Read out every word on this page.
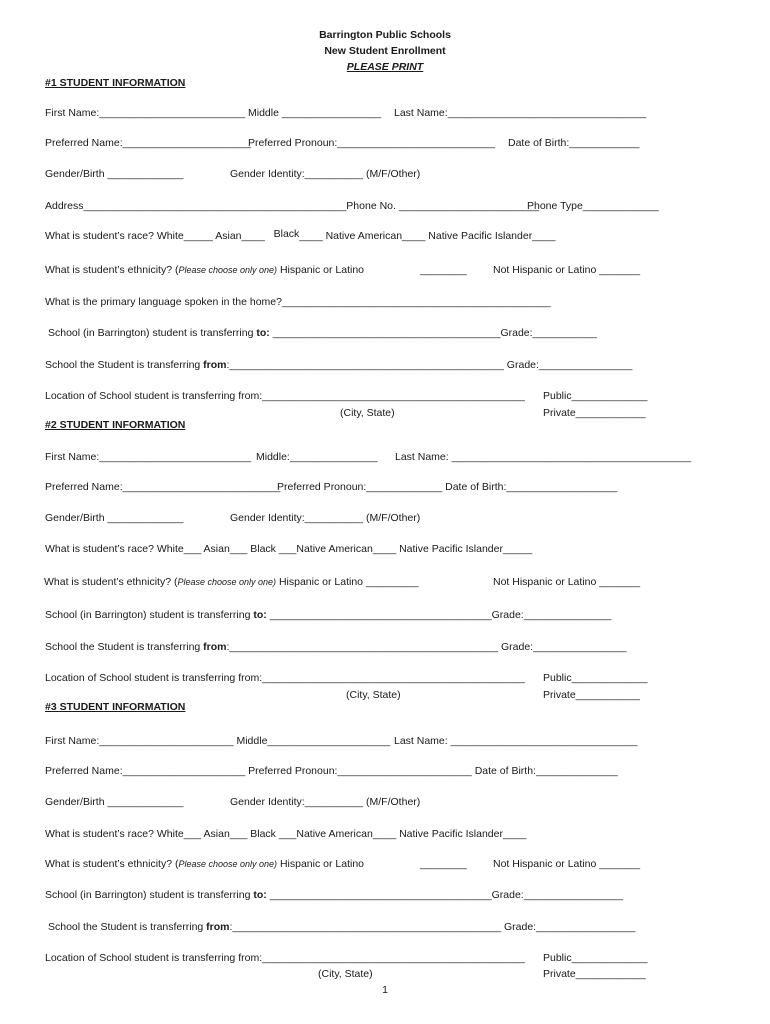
Barrington Public Schools
New Student Enrollment
PLEASE PRINT
#1 STUDENT INFORMATION
First Name:_________________________ Middle _________________ Last Name:__________________________________
Preferred Name:______________________
Preferred Pronoun:___________________________ Date of Birth:____________
Gender/Birth _____________	Gender Identity:__________ (M/F/Other)
Address_____________________________________________Phone No. ________________________
Phone Type_____________
What is student’s race? White_____ Asian____ Black____ Native American____ Native Pacific Islander____
What is student’s ethnicity? (Please choose only one) Hispanic or Latino	________	Not Hispanic or Latino _______
What is the primary language spoken in the home?______________________________________________
School (in Barrington) student is transferring to: _______________________________________Grade:___________
School the Student is transferring from:_______________________________________________ Grade:________________
Location of School student is transferring from:_____________________________________________ Public_____________
(City, State)	Private____________
#2 STUDENT INFORMATION
First Name:__________________________ Middle:_______________ Last Name: _________________________________________
Preferred Name:___________________________
Preferred Pronoun:_____________ Date of Birth:___________________
Gender/Birth _____________	Gender Identity:__________ (M/F/Other)
What is student’s race? White___ Asian___ Black ___Native American____ Native Pacific Islander_____
What is student’s ethnicity? (Please choose only one) Hispanic or Latino _________	Not Hispanic or Latino _______
School (in Barrington) student is transferring to: ______________________________________Grade:_______________
School the Student is transferring from:______________________________________________ Grade:________________
Location of School student is transferring from:_____________________________________________ Public_____________
(City, State)	Private___________
#3 STUDENT INFORMATION
First Name:_______________________ Middle_____________________ Last Name: ________________________________
Preferred Name:_____________________ Preferred Pronoun:_______________________ Date of Birth:______________
Gender/Birth _____________	Gender Identity:__________ (M/F/Other)
What is student’s race? White___ Asian___ Black ___Native American____ Native Pacific Islander____
What is student’s ethnicity? (Please choose only one) Hispanic or Latino	________	Not Hispanic or Latino _______
School (in Barrington) student is transferring to: ______________________________________Grade:_________________
School the Student is transferring from:______________________________________________ Grade:_________________
Location of School student is transferring from:_____________________________________________ Public_____________
(City, State)	Private____________
1
